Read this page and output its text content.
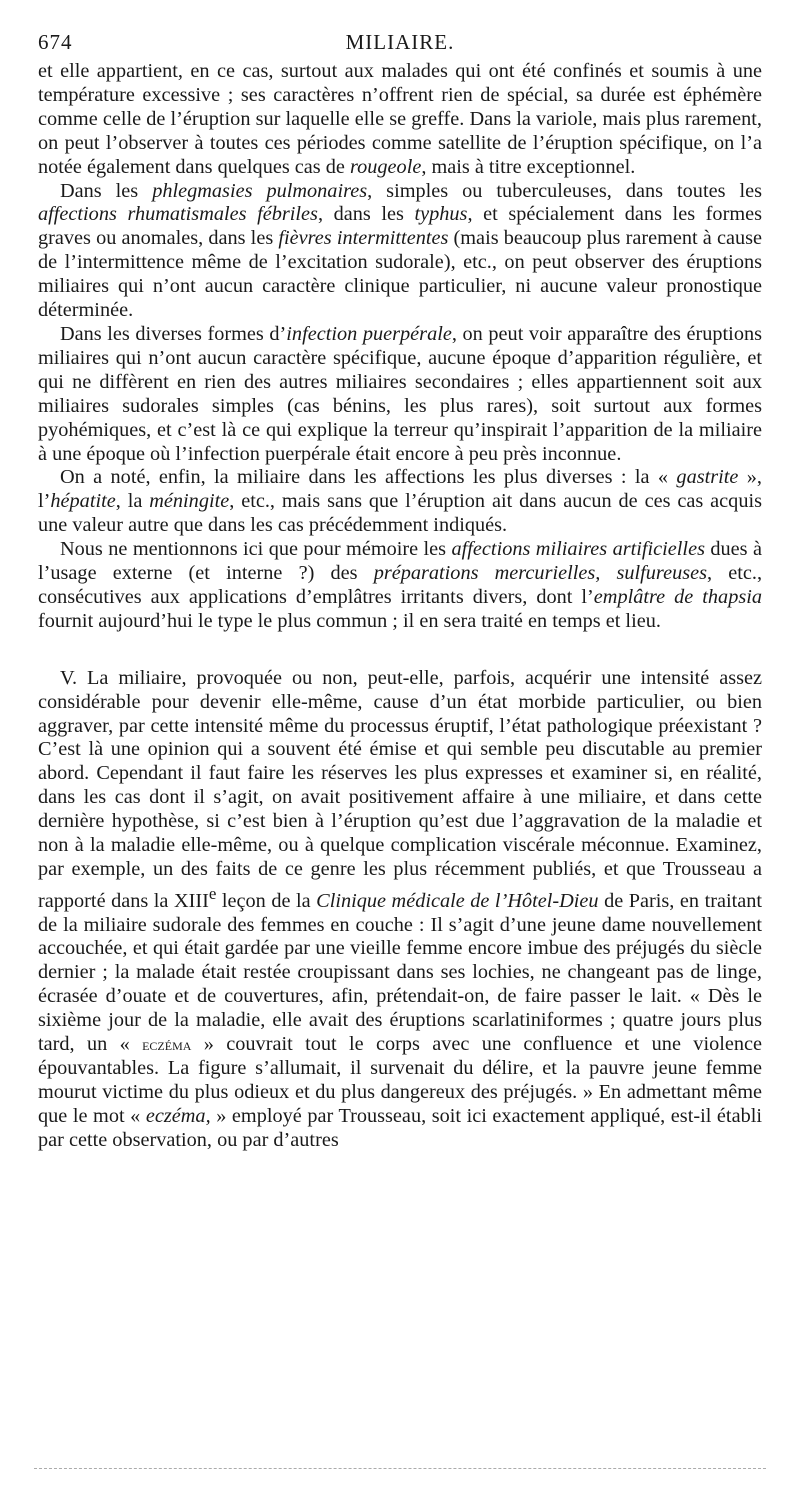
674	MILIAIRE.

et elle appartient, en ce cas, surtout aux malades qui ont été confinés et soumis à une température excessive ; ses caractères n’offrent rien de spécial, sa durée est éphémère comme celle de l’éruption sur laquelle elle se greffe. Dans la variole, mais plus rarement, on peut l’observer à toutes ces périodes comme satellite de l’éruption spécifique, on l’a notée également dans quelques cas de rougeole, mais à titre exceptionnel.

Dans les phlegmasies pulmonaires, simples ou tuberculeuses, dans toutes les affections rhumatismales fébriles, dans les typhus, et spécialement dans les formes graves ou anomales, dans les fièvres intermittentes (mais beaucoup plus rarement à cause de l’intermittence même de l’excitation sudorale), etc., on peut observer des éruptions miliaires qui n’ont aucun caractère clinique particulier, ni aucune valeur pronostique déterminée.

Dans les diverses formes d’infection puerpérale, on peut voir apparaître des éruptions miliaires qui n’ont aucun caractère spécifique, aucune époque d’apparition régulière, et qui ne diffèrent en rien des autres miliaires secondaires ; elles appartiennent soit aux miliaires sudorales simples (cas bénins, les plus rares), soit surtout aux formes pyohémiques, et c’est là ce qui explique la terreur qu’inspirait l’apparition de la miliaire à une époque où l’infection puerpérale était encore à peu près inconnue.

On a noté, enfin, la miliaire dans les affections les plus diverses : la « gastrite », l’hépatite, la méningite, etc., mais sans que l’éruption ait dans aucun de ces cas acquis une valeur autre que dans les cas précédemment indiqués.

Nous ne mentionnons ici que pour mémoire les affections miliaires artificielles dues à l’usage externe (et interne ?) des préparations mercurielles, sulfureuses, etc., consécutives aux applications d’emplâtres irritants divers, dont l’emplâtre de thapsia fournit aujourd’hui le type le plus commun ; il en sera traité en temps et lieu.

V. La miliaire, provoquée ou non, peut-elle, parfois, acquérir une intensité assez considérable pour devenir elle-même, cause d’un état morbide particulier, ou bien aggraver, par cette intensité même du processus éruptif, l’état pathologique préexistant ? C’est là une opinion qui a souvent été émise et qui semble peu discutable au premier abord. Cependant il faut faire les réserves les plus expresses et examiner si, en réalité, dans les cas dont il s’agit, on avait positivement affaire à une miliaire, et dans cette dernière hypothèse, si c’est bien à l’éruption qu’est due l’aggravation de la maladie et non à la maladie elle-même, ou à quelque complication viscérale méconnue. Examinez, par exemple, un des faits de ce genre les plus récemment publiés, et que Trousseau a rapporté dans la XIIIe leçon de la Clinique médicale de l’Hôtel-Dieu de Paris, en traitant de la miliaire sudorale des femmes en couche : Il s’agit d’une jeune dame nouvellement accouchée, et qui était gardée par une vieille femme encore imbue des préjugés du siècle dernier ; la malade était restée croupissant dans ses lochies, ne changeant pas de linge, écrasée d’ouate et de couvertures, afin, prétendait-on, de faire passer le lait. « Dès le sixième jour de la maladie, elle avait des éruptions scarlatiniformes ; quatre jours plus tard, un « eczéma » couvrait tout le corps avec une confluence et une violence épouvantables. La figure s’allumait, il survenait du délire, et la pauvre jeune femme mourut victime du plus odieux et du plus dangereux des préjugés. » En admettant même que le mot « eczéma, » employé par Trousseau, soit ici exactement appliqué, est-il établi par cette observation, ou par d’autres
